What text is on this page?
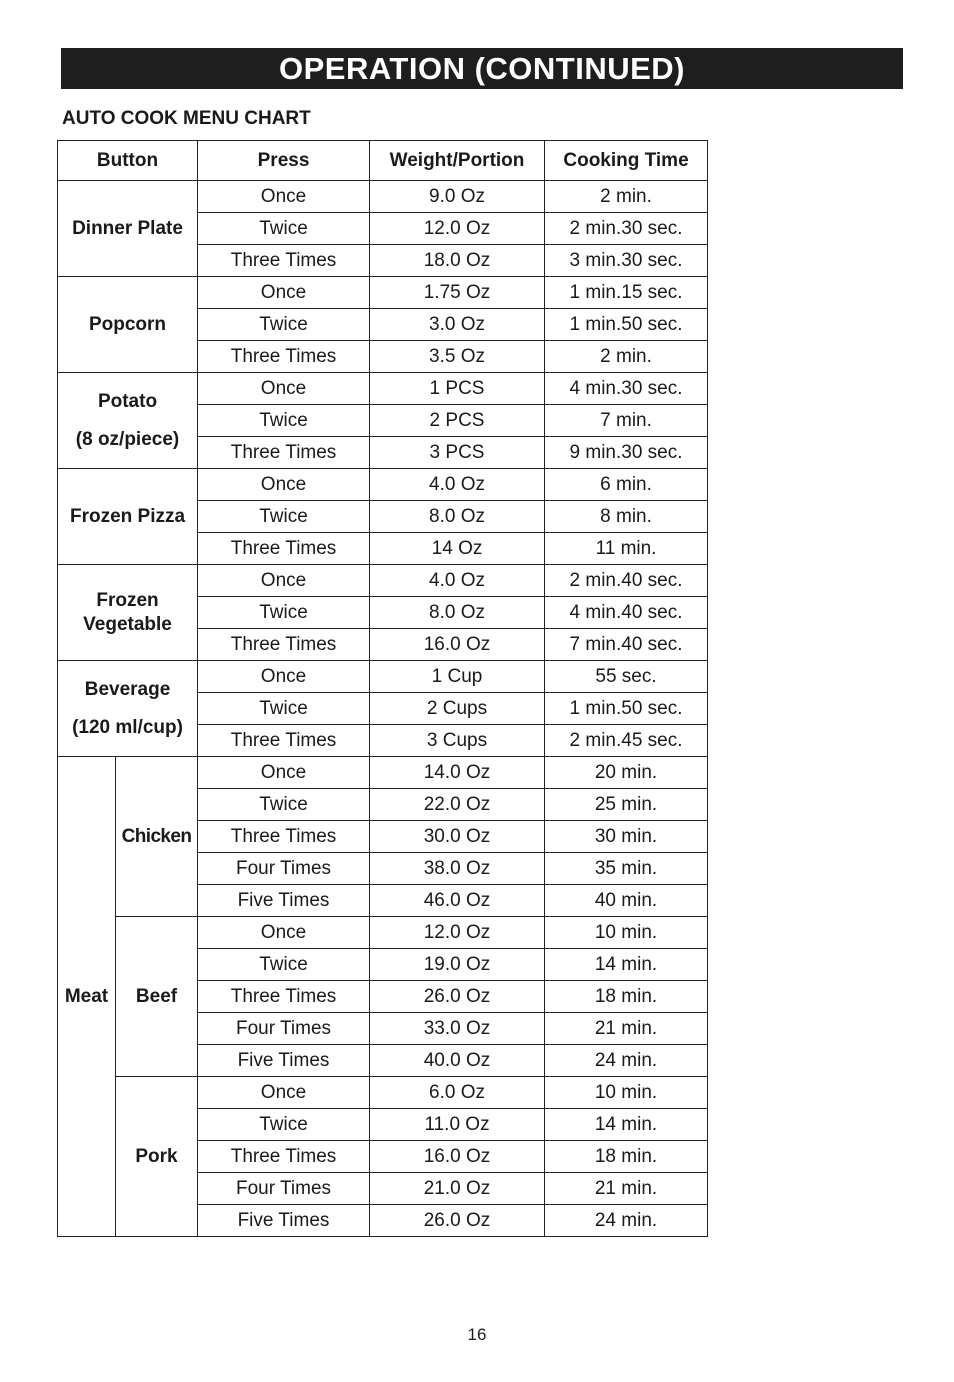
OPERATION (CONTINUED)
AUTO COOK MENU CHART
Button		Press	Weight/Portion	Cooking Time

Dinner Plate		Once	9.0 Oz	2 min.
		Twice	12.0 Oz	2 min.30 sec.
		Three Times	18.0 Oz	3 min.30 sec.

Popcorn		Once	1.75 Oz	1 min.15 sec.
		Twice	3.0 Oz	1 min.50 sec.
		Three Times	3.5 Oz	2 min.

Potato
(8 oz/piece)		Once	1 PCS	4 min.30 sec.
		Twice	2 PCS	7 min.
		Three Times	3 PCS	9 min.30 sec.

Frozen Pizza		Once	4.0 Oz	6 min.
		Twice	8.0 Oz	8 min.
		Three Times	14 Oz	11 min.

Frozen
Vegetable		Once	4.0 Oz	2 min.40 sec.
		Twice	8.0 Oz	4 min.40 sec.
		Three Times	16.0 Oz	7 min.40 sec.

Beverage
(120 ml/cup)		Once	1 Cup	55 sec.
		Twice	2 Cups	1 min.50 sec.
		Three Times	3 Cups	2 min.45 sec.
Meat	Chicken	Once	14.0 Oz	20 min.
		Twice	22.0 Oz	25 min.
		Three Times	30.0 Oz	30 min.
		Four Times	38.0 Oz	35 min.
		Five Times	46.0 Oz	40 min.
	Beef	Once	12.0 Oz	10 min.
		Twice	19.0 Oz	14 min.
		Three Times	26.0 Oz	18 min.
		Four Times	33.0 Oz	21 min.
		Five Times	40.0 Oz	24 min.
	Pork	Once	6.0 Oz	10 min.
		Twice	11.0 Oz	14 min.
		Three Times	16.0 Oz	18 min.
		Four Times	21.0 Oz	21 min.
		Five Times	26.0 Oz	24 min.
16
